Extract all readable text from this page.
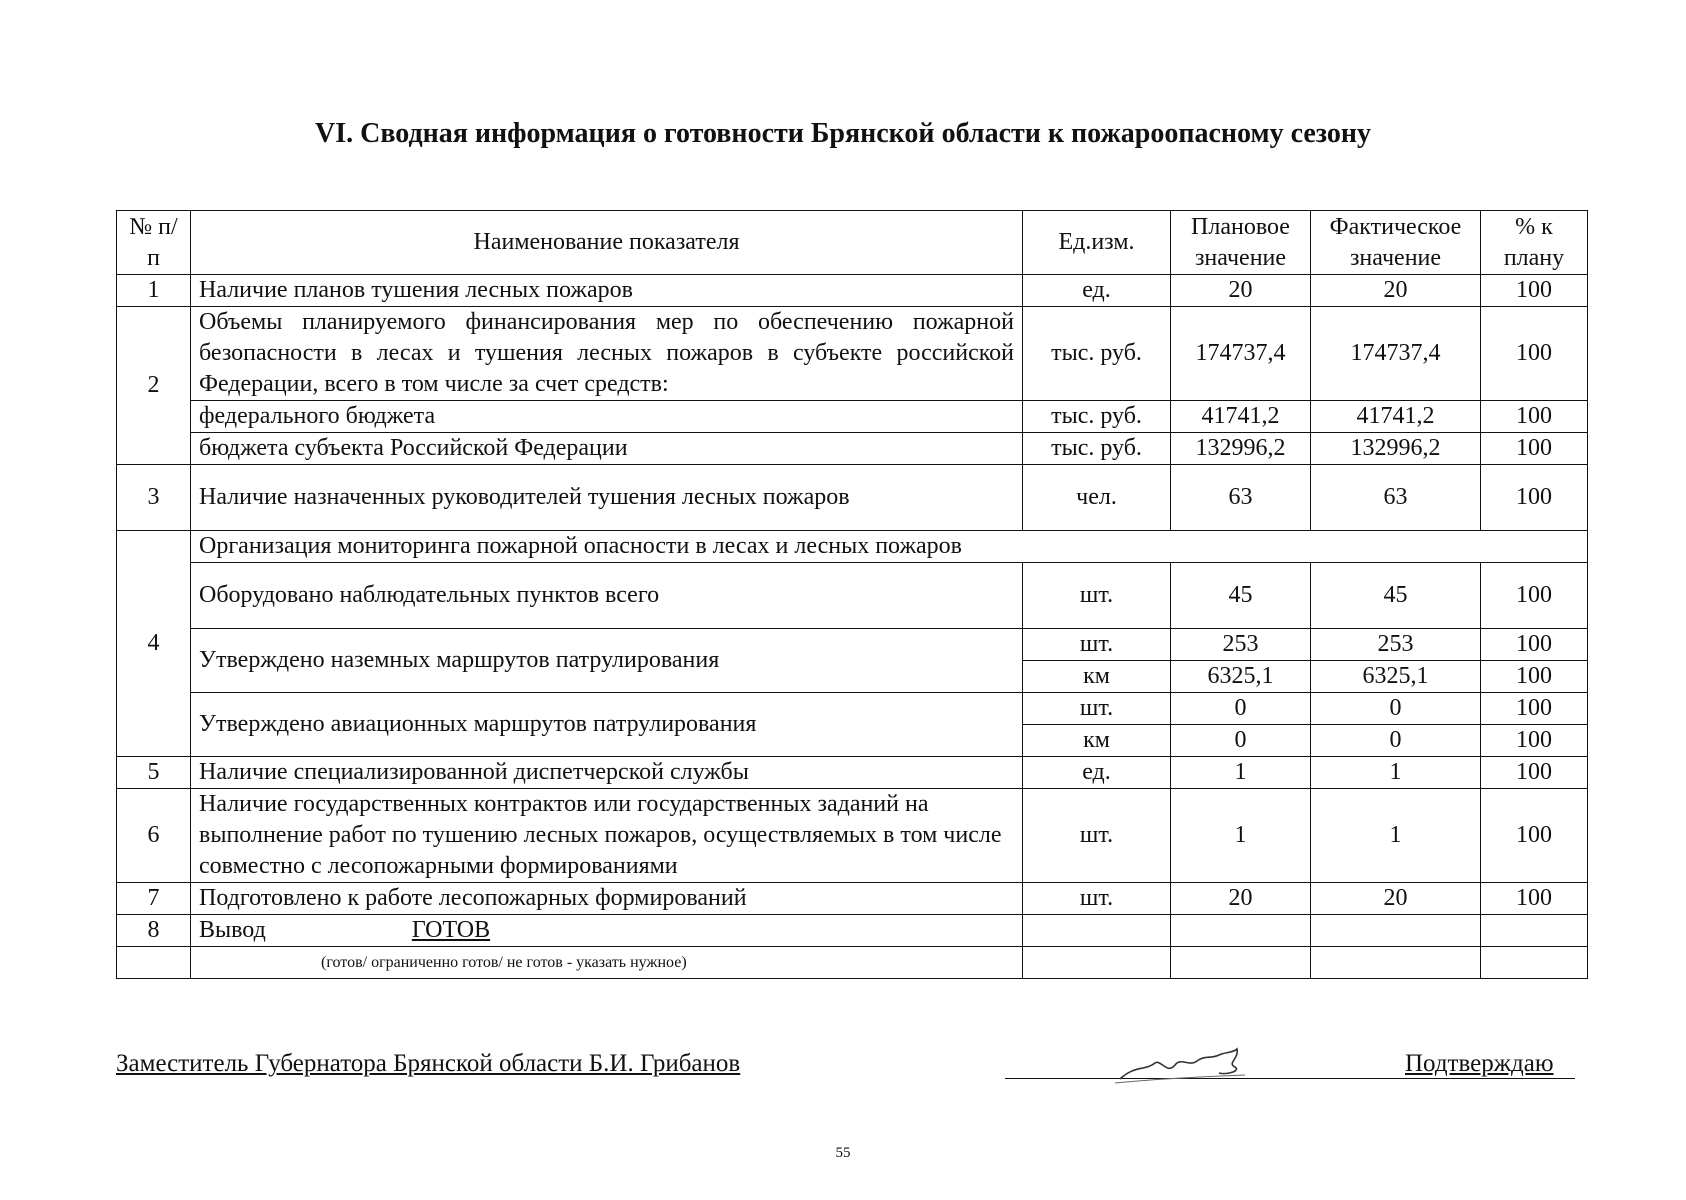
VI. Сводная информация о готовности Брянской области к пожароопасному сезону
№ п/п	Наименование показателя	Ед.изм.	Плановое значение	Фактическое значение	% к плану
1	Наличие планов тушения лесных пожаров	ед.	20	20	100
2	Объемы планируемого финансирования мер по обеспечению пожарной безопасности в лесах и тушения лесных пожаров в субъекте российской Федерации, всего в том числе за счет средств:	тыс. руб.	174737,4	174737,4	100
	федерального бюджета	тыс. руб.	41741,2	41741,2	100
	бюджета субъекта Российской Федерации	тыс. руб.	132996,2	132996,2	100
3	Наличие назначенных руководителей тушения лесных пожаров	чел.	63	63	100
4	Организация мониторинга пожарной опасности в лесах и лесных пожаров				
	Оборудовано наблюдательных пунктов всего	шт.	45	45	100
	Утверждено наземных маршрутов патрулирования	шт.	253	253	100
		км	6325,1	6325,1	100
	Утверждено авиационных маршрутов патрулирования	шт.	0	0	100
		км	0	0	100
5	Наличие специализированной диспетчерской службы	ед.	1	1	100
6	Наличие государственных контрактов или государственных заданий на выполнение работ по тушению лесных пожаров, осуществляемых в том числе совместно с лесопожарными формированиями	шт.	1	1	100
7	Подготовлено к работе лесопожарных формирований	шт.	20	20	100
8	Вывод ГОТОВ				
	(готов/ ограниченно готов/ не готов - указать нужное)				
Заместитель Губернатора Брянской области Б.И. Грибанов	Подтверждаю
55
